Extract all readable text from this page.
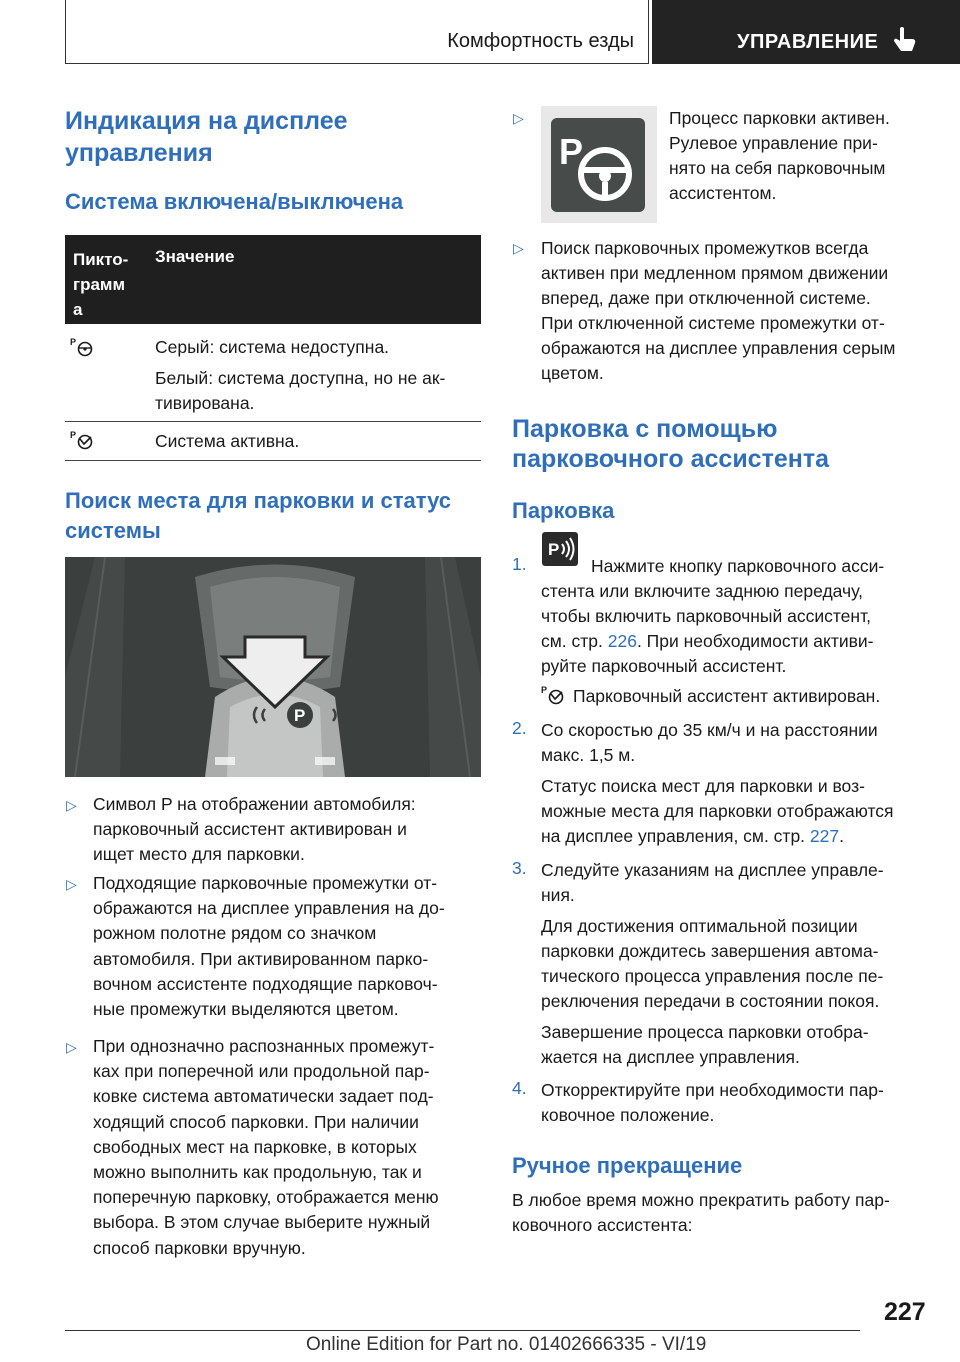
Комфортность езды	УПРАВЛЕНИЕ
Индикация на дисплее
управления
Система включена/выключена
Пикто-
грамм
а
Значение
P	Серый: система недоступна.
Белый: система доступна, но не ак-
тивирована.
P	Система активна.
Поиск места для парковки и статус
системы
P
▷ Символ P на отображении автомобиля:
парковочный ассистент активирован и
ищет место для парковки.
▷ Подходящие парковочные промежутки от-
ображаются на дисплее управления на до-
рожном полотне рядом со значком
автомобиля. При активированном парко-
вочном ассистенте подходящие парковоч-
ные промежутки выделяются цветом.
▷ При однозначно распознанных промежут-
ках при поперечной или продольной пар-
ковке система автоматически задает под-
ходящий способ парковки. При наличии
свободных мест на парковке, в которых
можно выполнить как продольную, так и
поперечную парковку, отображается меню
выбора. В этом случае выберите нужный
способ парковки вручную.
▷
P
Процесс парковки активен.
Рулевое управление при-
нято на себя парковочным
ассистентом.
▷ Поиск парковочных промежутков всегда
активен при медленном прямом движении
вперед, даже при отключенной системе.
При отключенной системе промежутки от-
ображаются на дисплее управления серым
цветом.
Парковка с помощью
парковочного ассистента
Парковка
1.
P
Нажмите кнопку парковочного асси-
стента или включите заднюю передачу,
чтобы включить парковочный ассистент,
см. стр. 226. При необходимости активи-
руйте парковочный ассистент.
P Парковочный ассистент активирован.
2. Со скоростью до 35 км/ч и на расстоянии
макс. 1,5 м.
Статус поиска мест для парковки и воз-
можные места для парковки отображаются
на дисплее управления, см. стр. 227.
3. Следуйте указаниям на дисплее управле-
ния.
Для достижения оптимальной позиции
парковки дождитесь завершения автома-
тического процесса управления после пе-
реключения передачи в состоянии покоя.
Завершение процесса парковки отобра-
жается на дисплее управления.
4. Откорректируйте при необходимости пар-
ковочное положение.
Ручное прекращение
В любое время можно прекратить работу пар-
ковочного ассистента:
227
Online Edition for Part no. 01402666335 - VI/19
